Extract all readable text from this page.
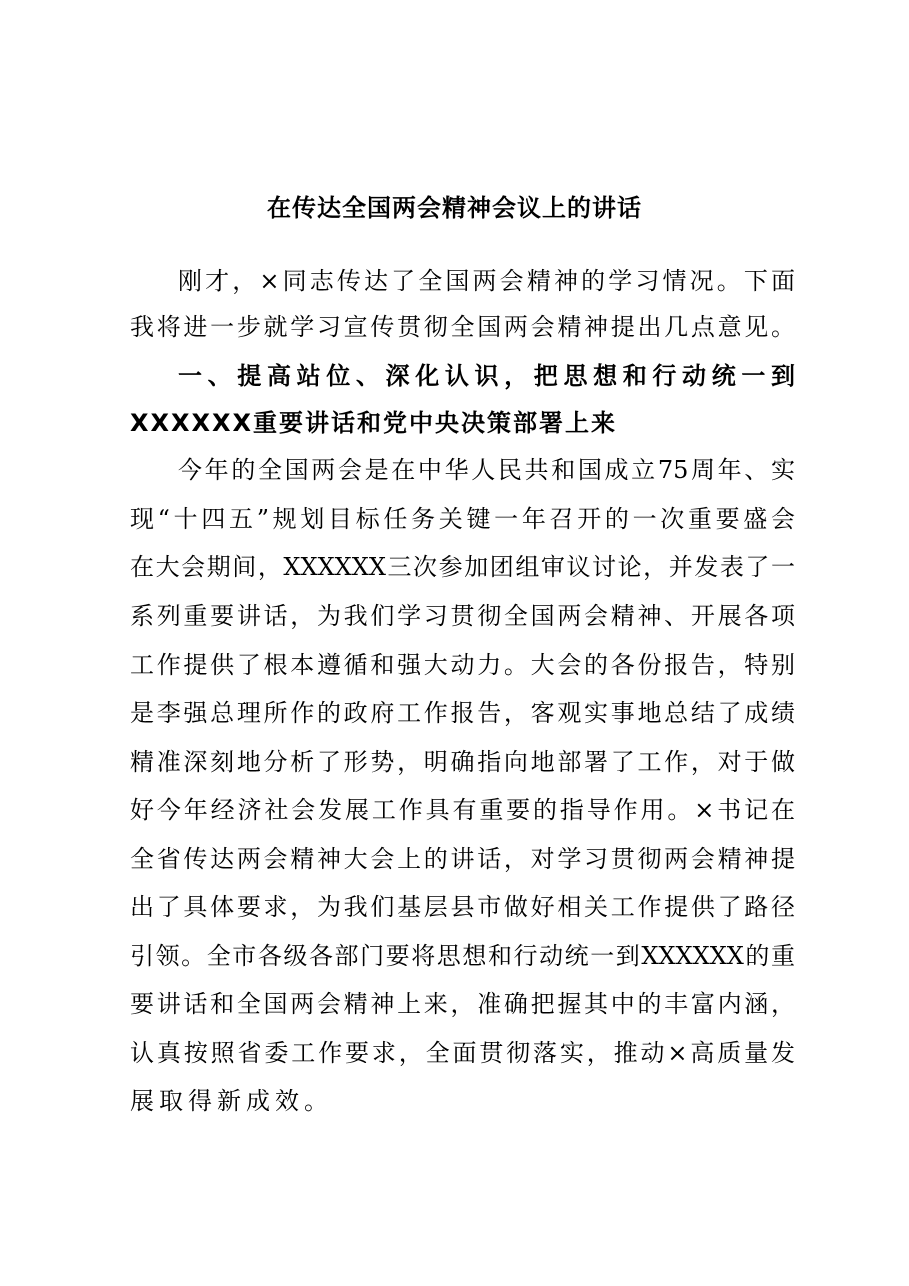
在传达全国两会精神会议上的讲话
刚才，×同志传达了全国两会精神的学习情况。下面
我将进一步就学习宣传贯彻全国两会精神提出几点意见。
一、提高站位、深化认识，把思想和行动统一到
XXXXXX重要讲话和党中央决策部署上来
今年的全国两会是在中华人民共和国成立75周年、实
现“十四五”规划目标任务关键一年召开的一次重要盛会
在大会期间，XXXXXX三次参加团组审议讨论，并发表了一
系列重要讲话，为我们学习贯彻全国两会精神、开展各项
工作提供了根本遵循和强大动力。大会的各份报告，特别
是李强总理所作的政府工作报告，客观实事地总结了成绩
精准深刻地分析了形势，明确指向地部署了工作，对于做
好今年经济社会发展工作具有重要的指导作用。×书记在
全省传达两会精神大会上的讲话，对学习贯彻两会精神提
出了具体要求，为我们基层县市做好相关工作提供了路径
引领。全市各级各部门要将思想和行动统一到XXXXXX的重
要讲话和全国两会精神上来，准确把握其中的丰富内涵，
认真按照省委工作要求，全面贯彻落实，推动×高质量发
展取得新成效。
